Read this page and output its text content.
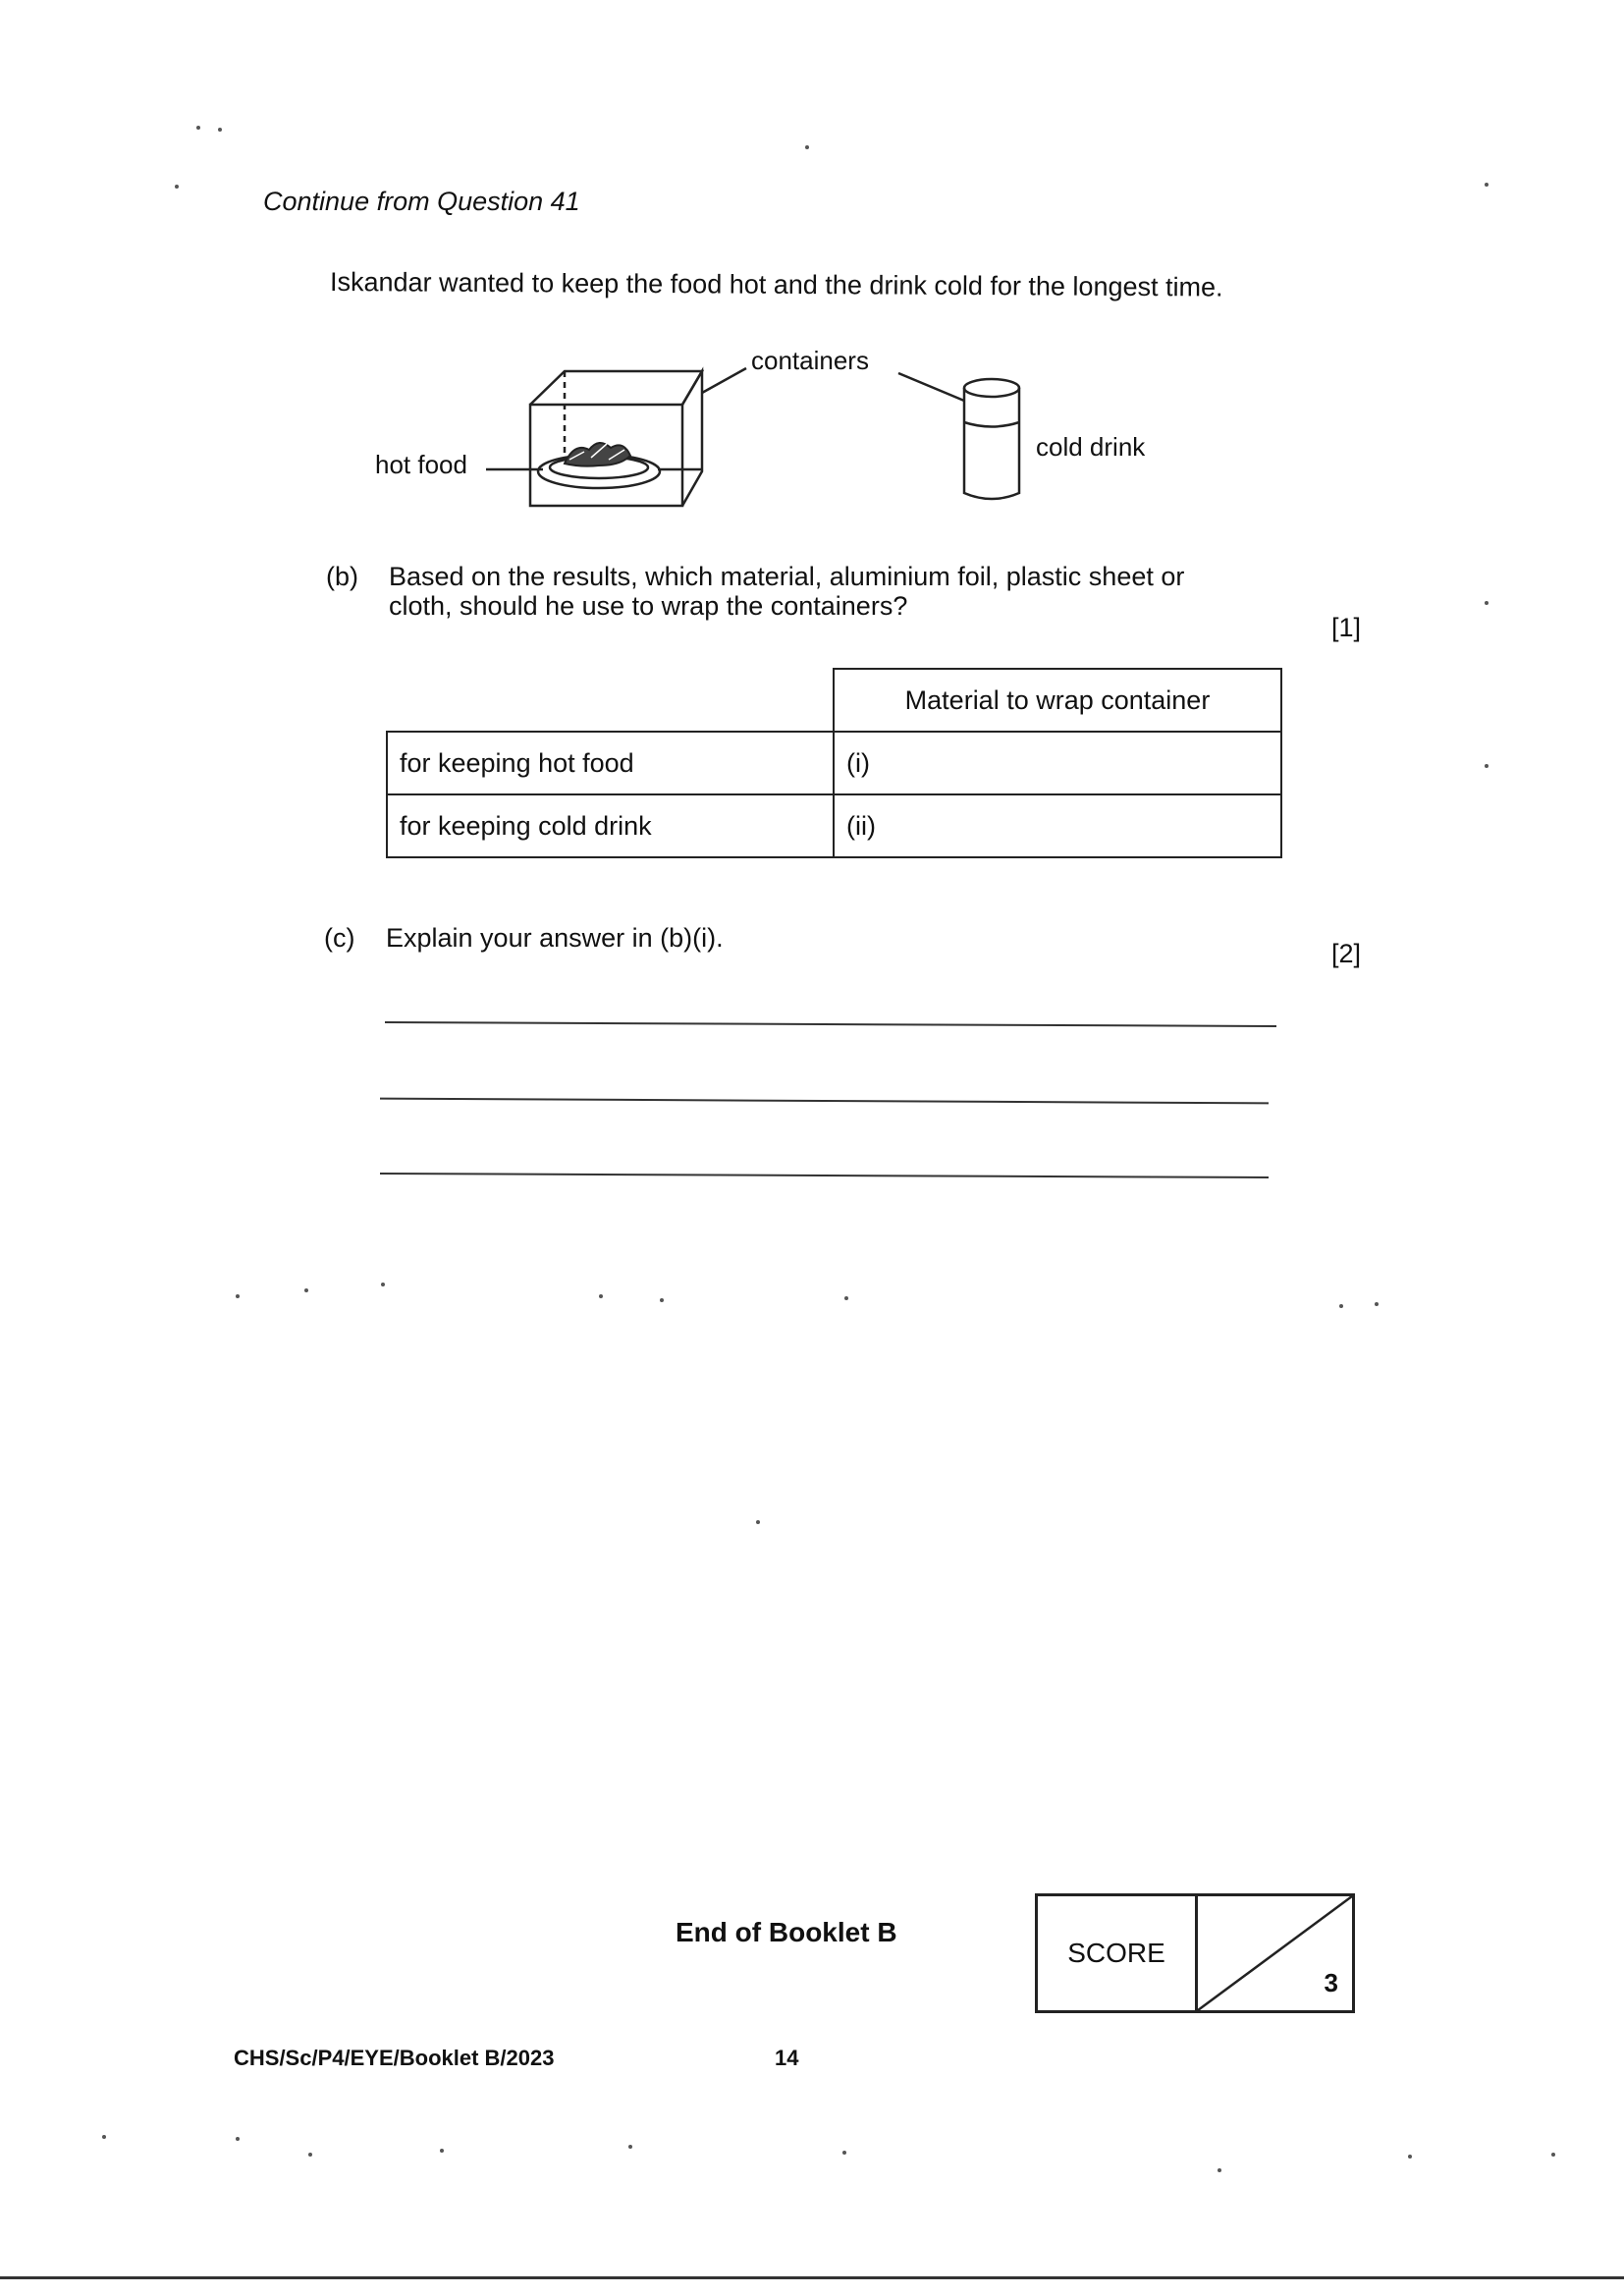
Continue from Question 41
Iskandar wanted to keep the food hot and the drink cold for the longest time.
containers
hot food
cold drink
(b) Based on the results, which material, aluminium foil, plastic sheet or
cloth, should he use to wrap the containers?
[1]
	Material to wrap container
for keeping hot food	(i)
for keeping cold drink	(ii)
(c) Explain your answer in (b)(i).
[2]
End of Booklet B
SCORE
3
CHS/Sc/P4/EYE/Booklet B/2023	14
